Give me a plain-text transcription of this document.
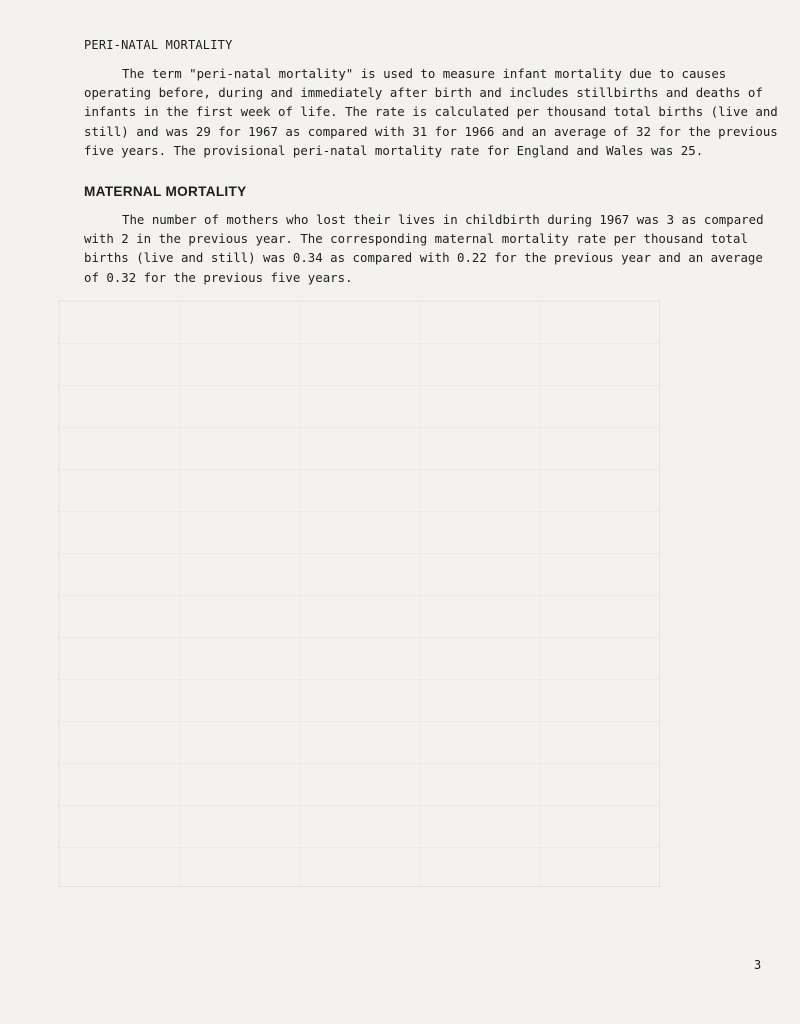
PERI-NATAL MORTALITY

The term "peri-natal mortality" is used to measure infant mortality due to causes operating before, during and immediately after birth and includes stillbirths and deaths of infants in the first week of life. The rate is calculated per thousand total births (live and still) and was 29 for 1967 as compared with 31 for 1966 and an average of 32 for the previous five years. The provisional peri-natal mortality rate for England and Wales was 25.

MATERNAL MORTALITY

The number of mothers who lost their lives in childbirth during 1967 was 3 as compared with 2 in the previous year. The corresponding maternal mortality rate per thousand total births (live and still) was 0.34 as compared with 0.22 for the previous year and an average of 0.32 for the previous five years.

3
